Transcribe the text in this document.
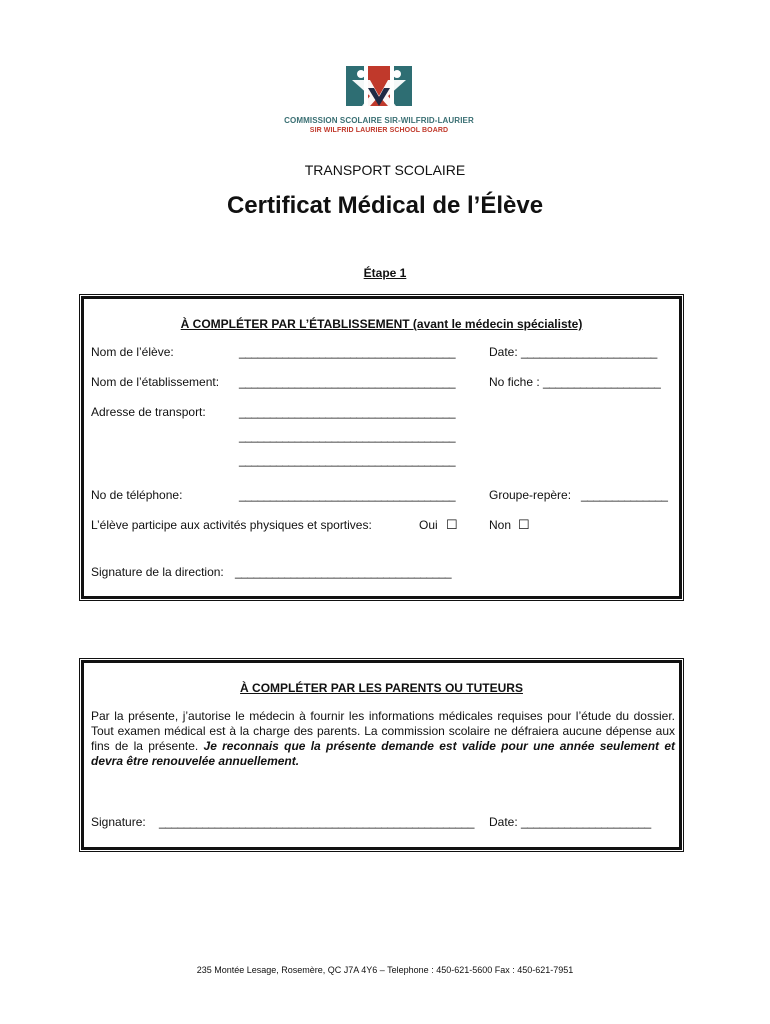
COMMISSION SCOLAIRE SIR-WILFRID-LAURIER
SIR WILFRID LAURIER SCHOOL BOARD
TRANSPORT SCOLAIRE
Certificat Médical de l’Élève
Étape 1
À COMPLÉTER PAR L’ÉTABLISSEMENT (avant le médecin spécialiste)
Nom de l’élève:	___________________________________	Date: ______________________
Nom de l’établissement: ___________________________________	No fiche : ___________________
Adresse de transport:	___________________________________
___________________________________
___________________________________
No de téléphone:	___________________________________	Groupe-repère: ______________
L’élève participe aux activités physiques et sportives:	Oui ☐	Non ☐
Signature de la direction: ___________________________________
À COMPLÉTER PAR LES PARENTS OU TUTEURS
Par la présente, j’autorise le médecin à fournir les informations médicales requises pour l’étude du dossier. Tout examen médical est à la charge des parents. La commission scolaire ne défraiera aucune dépense aux fins de la présente. Je reconnais que la présente demande est valide pour une année seulement et devra être renouvelée annuellement.
Signature: ___________________________________________________ Date: _____________________
235 Montée Lesage, Rosemère, QC J7A 4Y6 – Telephone : 450-621-5600 Fax : 450-621-7951
